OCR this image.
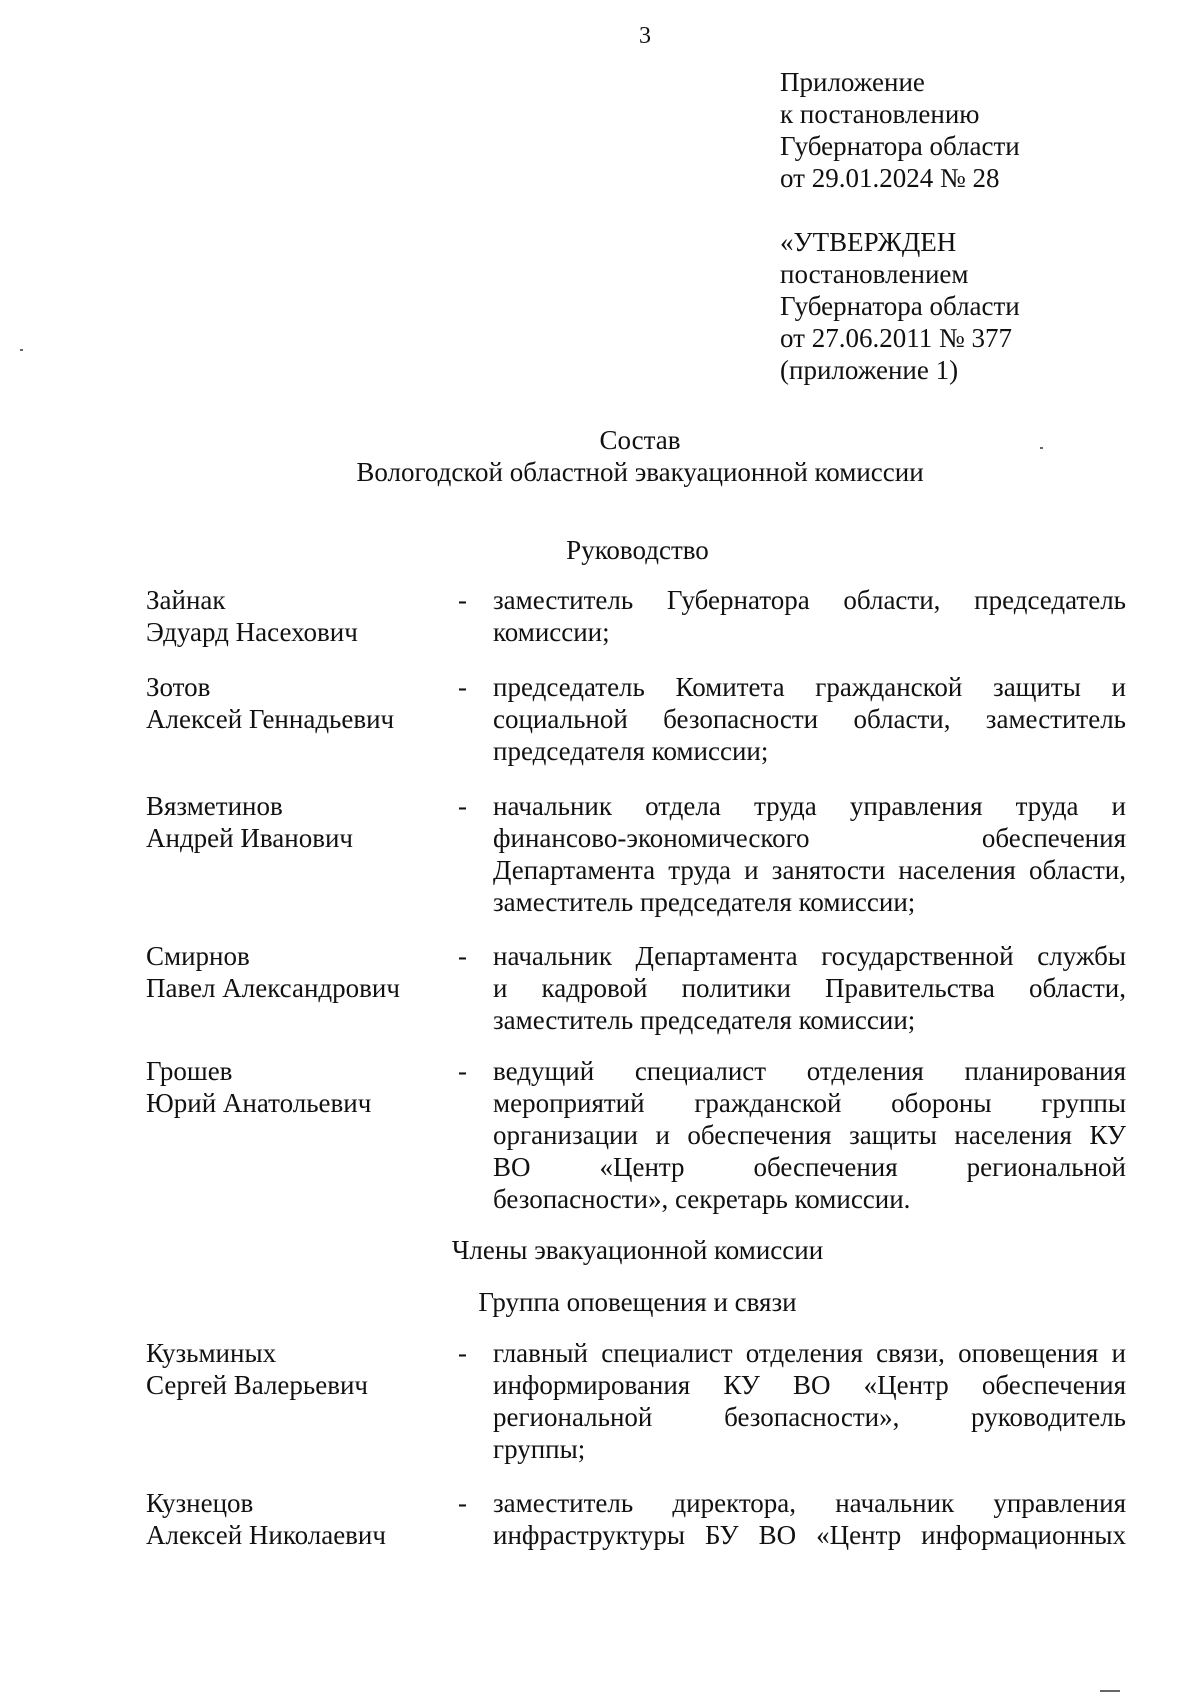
3
Приложение
к постановлению
Губернатора области
от 29.01.2024 № 28
«УТВЕРЖДЕН
постановлением
Губернатора области
от 27.06.2011 № 377
(приложение 1)
Состав
Вологодской областной эвакуационной комиссии
Руководство
Зайнак
Эдуард Насехович
- заместитель Губернатора области, председатель
комиссии;
Зотов
Алексей Геннадьевич
- председатель Комитета гражданской защиты и
социальной безопасности области, заместитель
председателя комиссии;
Вязметинов
Андрей Иванович
- начальник отдела труда управления труда и
финансово-экономического обеспечения
Департамента труда и занятости населения области,
заместитель председателя комиссии;
Смирнов
Павел Александрович
- начальник Департамента государственной службы
и кадровой политики Правительства области,
заместитель председателя комиссии;
Грошев
Юрий Анатольевич
- ведущий специалист отделения планирования
мероприятий гражданской обороны группы
организации и обеспечения защиты населения КУ
ВО «Центр обеспечения региональной
безопасности», секретарь комиссии.
Члены эвакуационной комиссии
Группа оповещения и связи
Кузьминых
Сергей Валерьевич
- главный специалист отделения связи, оповещения и
информирования КУ ВО «Центр обеспечения
региональной безопасности», руководитель
группы;
Кузнецов
Алексей Николаевич
- заместитель директора, начальник управления
инфраструктуры БУ ВО «Центр информационных
